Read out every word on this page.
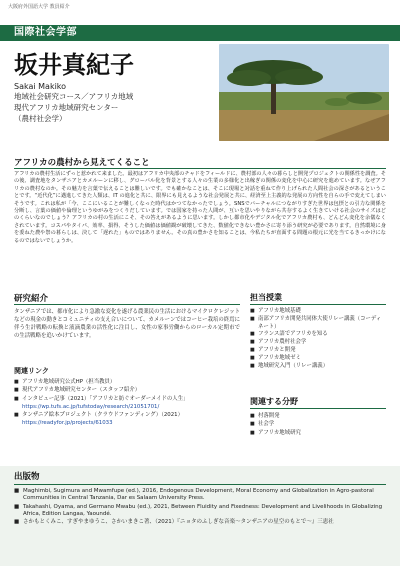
大阪府外国語大学 教員紹介
国際社会学部
坂井真紀子
Sakai Makiko
地域社会研究コース／アフリカ地域
現代アフリカ地域研究センター
（農村社会学）
アフリカの農村から見えてくること
アフリカの農村生活にずっと惹かれて来ました。最初はアフリカ中央部のチャドをフィールドに、農村部の人々の暮らしと開発プロジェクトの関係性を調査。その後、調査地をタンザニアとカメルーンに移し、グローバル化を背景とする人々の生業の多様化と出稼ぎの関係の変化を中心に研究を進めています。なぜアフリカの農村なのか。その魅力を言葉で伝えることは難しいです。でも確かなことは、そこに現場と対話を重ねて作り上げられた人間社会の深さがあるということです。“近代化”に邁進してきた人類は、IT の進化と共に、限界にも見えるような社会発展と共に、経済至上主義的な発展の方向性を自らの手で変えてしまいそうです。これは私が「今、ここにいることが難しくなった時代はかつてなかったでしょう。SNSでバーチャルにつながりすぎた世界は包摂との引力な関係を分断し、言葉の価値や倫理というゆがみをつくりだしています。では国家を持った人間が、互いを思いやりながら共存するよく生きていける社会のサイズはどのくらいなのでしょう？アフリカの村の生活にこそ、その答えがあるように思います。しかし都市化やデジタル化でアフリカ農村も、どんどん変化を余儀なくされています。コスパやタイパ、効率、損得、そうした価値は価値観が破壊してきた、数値化できない豊かさに寄り添う研究が必要であります。自然環境に身を委ねた農や祭の暮らしは、決して「遅れた」ものではありません。その真の豊かさを知ることは、今私たちが直面する問題の根元に光を当てるきっかけになるのではないでしょうか。
研究紹介
タンザニアでは、都市化により急激な変化を遂げる農業民の生活におけるマイクロクレジットなどの現金の動きとコミュニティの支え合いについて、カメルーンではコーヒー栽培の終焉に伴う生計戦略の転換と液滴農業の活性化に注目し、女性の家事労働からのローカル定期市での生活戦略を追いかけています。
関連リンク
■ アフリカ地域研究公式HP（担当教員）
■ 現代アフリカ地域研究センター（スタッフ紹介）
■ インタビュー記事（2021）「アフリカと紡ぐオーダーメイドの人生」
https://wp.tufs.ac.jp/tufstoday/research/21051701/
■ タンザニア絵本プロジェクト（クラウドファンディング）（2021）
https://readyfor.jp/projects/61033
担当授業
■ アフリカ地域基礎
■ 南部アフリカ開発共同体大使リレー講義（コーディネート）
■ フランス語でアフリカを知る
■ アフリカ農村社会学
■ アフリカと開発
■ アフリカ地域ゼミ
■ 地域研究入門（リレー講義）
関連する分野
■ 村落開発
■ 社会学
■ アフリカ地域研究
出版物
■ Maghimbi, Sugimura and Mwamfupe (ed.), 2016, Endogenous Development, Moral Economy and Globalization in Agro-pastoral Communities in Central Tanzania, Dar es Salaam University Press.
■ Takahashi, Oyama, and Germano Mwabu (ed.), 2021, Between Fluidity and Fixedness: Development and Livelihoods in Globalizing Africa, Edition Langaa, Yaoundé.
■ さかもとくみこ、すぎやまゆうこ、さかいまきこ著、（2021）『ニョタのふしぎな音楽〜タンザニアの星空のもとで〜』三恵社
